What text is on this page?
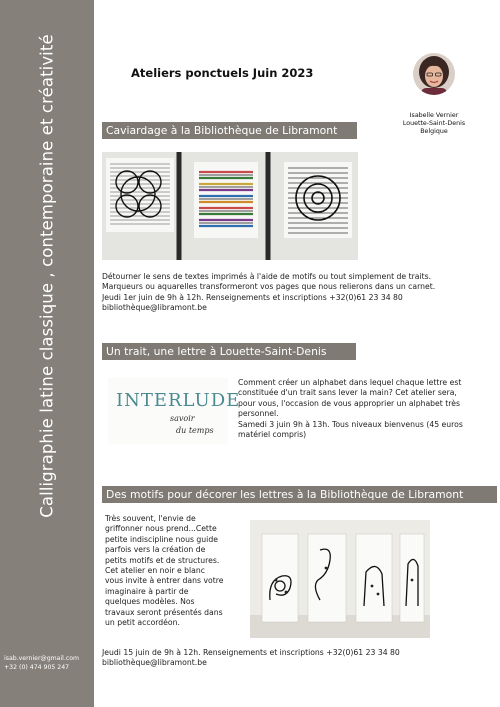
Calligraphie latine classique , contemporaine et créativité
isab.vernier@gmail.com
+32 (0) 474 905 247
Ateliers ponctuels Juin 2023
Isabelle Vernier
Louette-Saint-Denis
Belgique
Caviardage à la Bibliothèque de Libramont
Détourner le sens de textes imprimés à l'aide de motifs ou tout simplement de traits.
Marqueurs ou aquarelles transformeront vos pages que nous relierons dans un carnet.
Jeudi 1er juin de 9h à 12h. Renseignements et inscriptions +32(0)61 23 34 80
bibliothèque@libramont.be
Un trait, une lettre à Louette-Saint-Denis
INTERLUDE
savoir
du temps
Comment créer un alphabet dans lequel chaque lettre est
constituée d'un trait sans lever la main? Cet atelier sera,
pour vous, l'occasion de vous approprier un alphabet très
personnel.
Samedi 3 juin 9h à 13h. Tous niveaux bienvenus (45 euros
matériel compris)
Des motifs pour décorer les lettres à la Bibliothèque de Libramont
Très souvent, l'envie de
griffonner nous prend...Cette
petite indiscipline nous guide
parfois vers la création de
petits motifs et de structures.
Cet atelier en noir e blanc
vous invite à entrer dans votre
imaginaire à partir de
quelques modèles. Nos
travaux seront présentés dans
un petit accordéon.
Jeudi 15 juin de 9h à 12h. Renseignements et inscriptions +32(0)61 23 34 80
bibliothèque@libramont.be
